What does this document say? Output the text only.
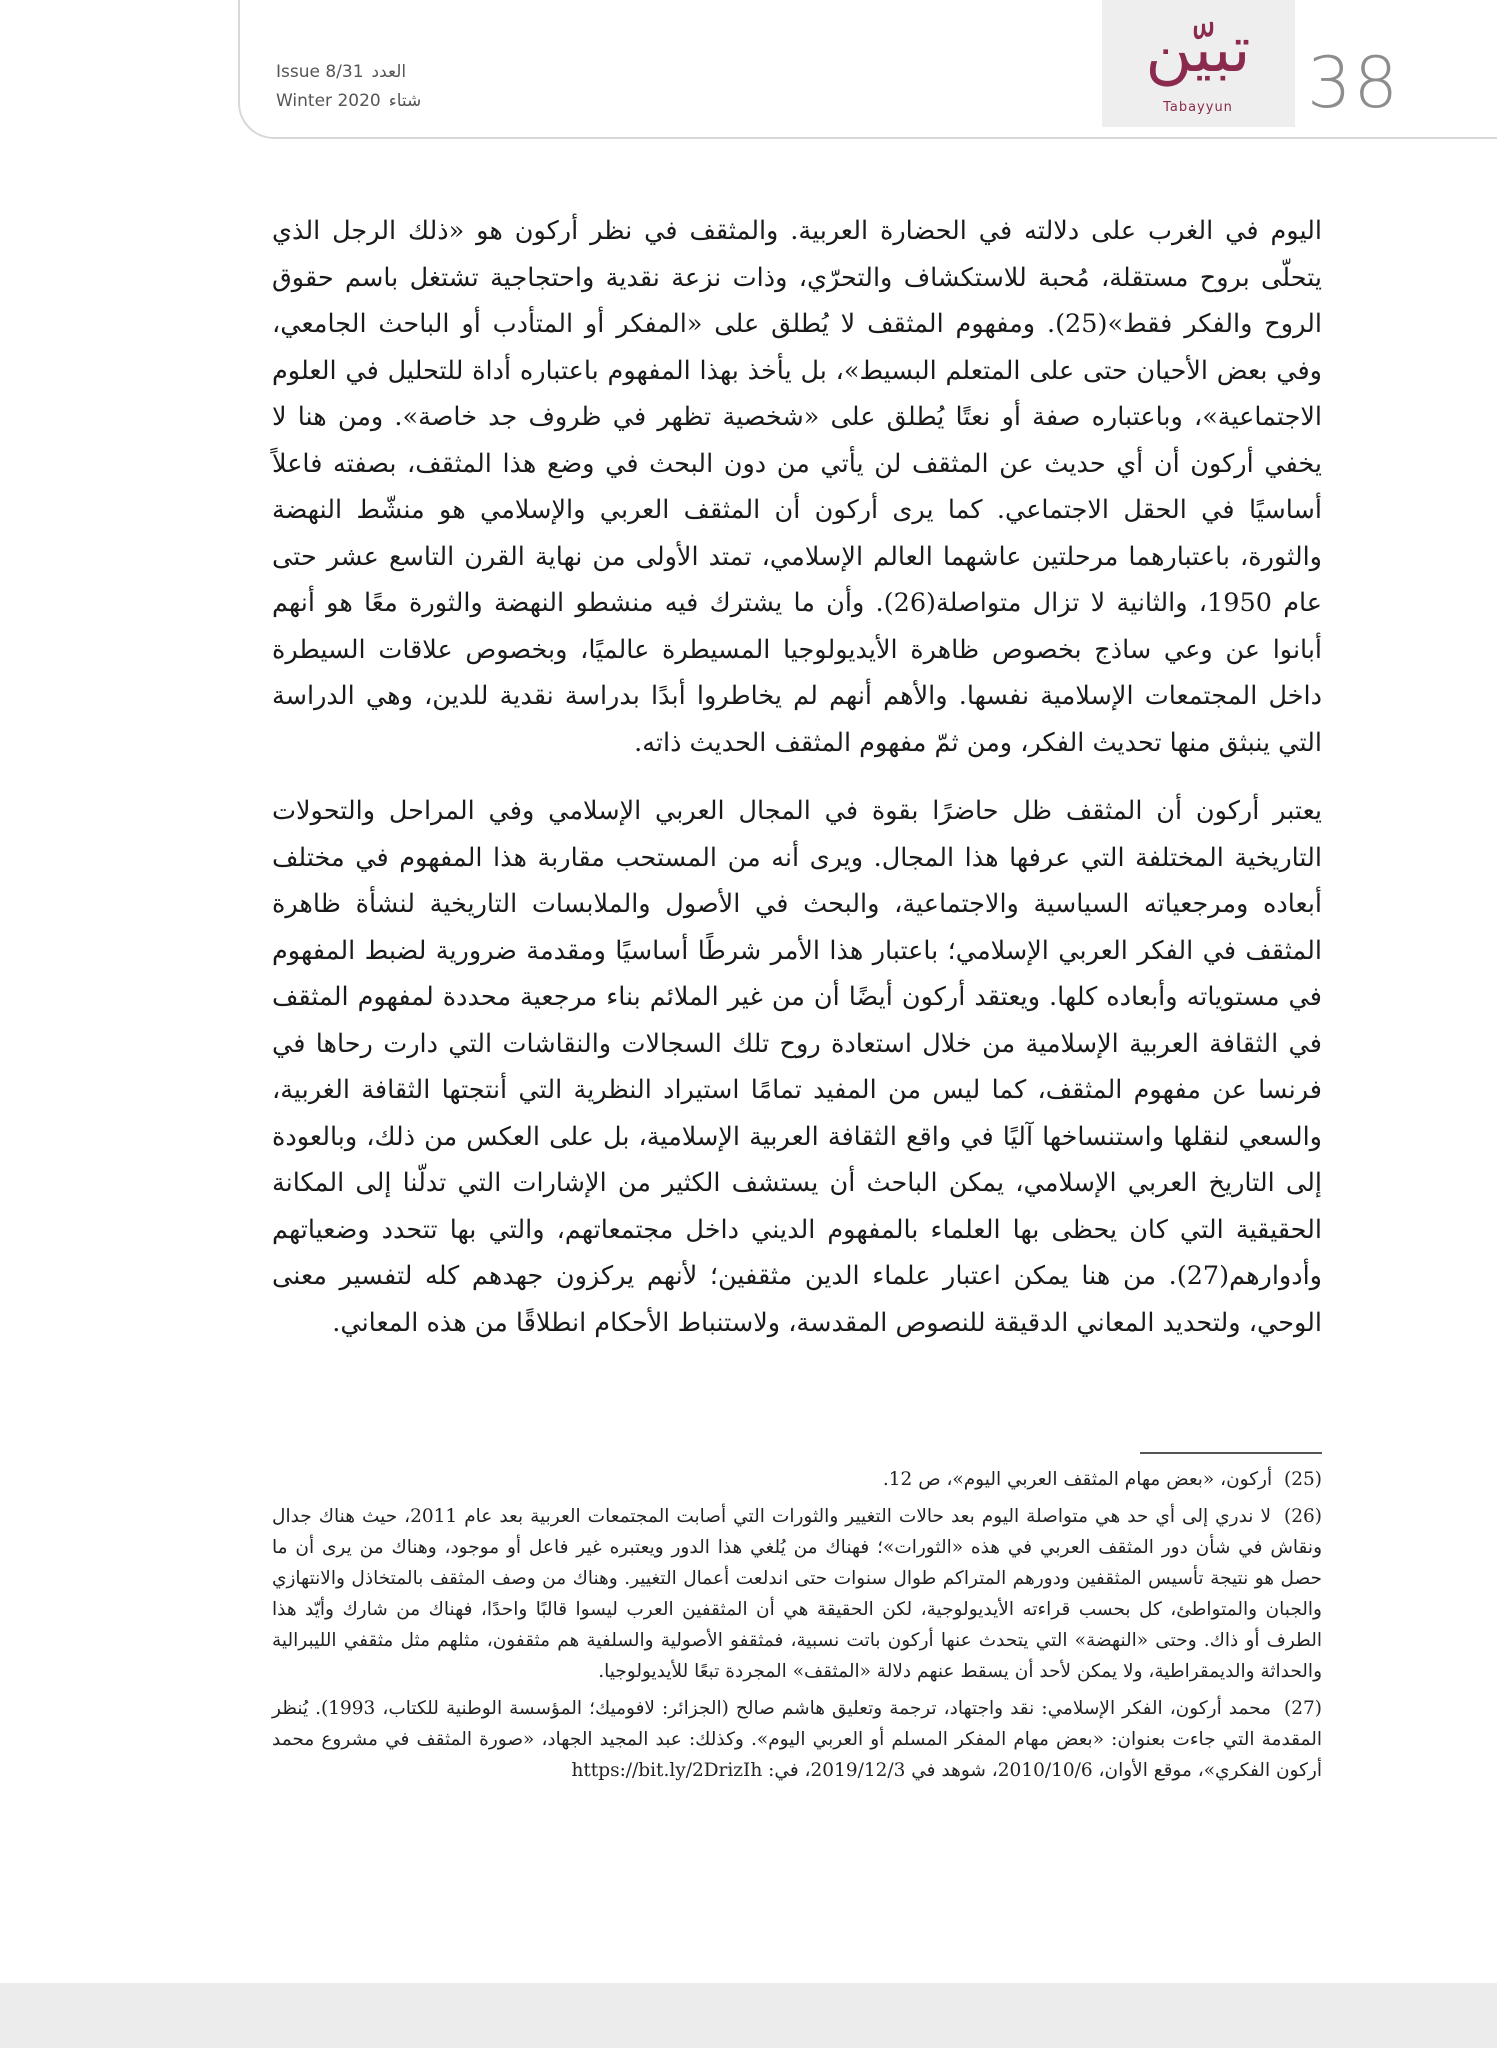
تبيّن
Tabayyun	38
Issue 8/31 العدد
Winter 2020 شتاء

اليوم في الغرب على دلالته في الحضارة العربية. والمثقف في نظر أركون هو «ذلك الرجل الذي يتحلّى بروح مستقلة، مُحبة للاستكشاف والتحرّي، وذات نزعة نقدية واحتجاجية تشتغل باسم حقوق الروح والفكر فقط»(25). ومفهوم المثقف لا يُطلق على «المفكر أو المتأدب أو الباحث الجامعي، وفي بعض الأحيان حتى على المتعلم البسيط»، بل يأخذ بهذا المفهوم باعتباره أداة للتحليل في العلوم الاجتماعية»، وباعتباره صفة أو نعتًا يُطلق على «شخصية تظهر في ظروف جد خاصة». ومن هنا لا يخفي أركون أن أي حديث عن المثقف لن يأتي من دون البحث في وضع هذا المثقف، بصفته فاعلاً أساسيًا في الحقل الاجتماعي. كما يرى أركون أن المثقف العربي والإسلامي هو منشّط النهضة والثورة، باعتبارهما مرحلتين عاشهما العالم الإسلامي، تمتد الأولى من نهاية القرن التاسع عشر حتى عام 1950، والثانية لا تزال متواصلة(26). وأن ما يشترك فيه منشطو النهضة والثورة معًا هو أنهم أبانوا عن وعي ساذج بخصوص ظاهرة الأيديولوجيا المسيطرة عالميًا، وبخصوص علاقات السيطرة داخل المجتمعات الإسلامية نفسها. والأهم أنهم لم يخاطروا أبدًا بدراسة نقدية للدين، وهي الدراسة التي ينبثق منها تحديث الفكر، ومن ثمّ مفهوم المثقف الحديث ذاته.

يعتبر أركون أن المثقف ظل حاضرًا بقوة في المجال العربي الإسلامي وفي المراحل والتحولات التاريخية المختلفة التي عرفها هذا المجال. ويرى أنه من المستحب مقاربة هذا المفهوم في مختلف أبعاده ومرجعياته السياسية والاجتماعية، والبحث في الأصول والملابسات التاريخية لنشأة ظاهرة المثقف في الفكر العربي الإسلامي؛ باعتبار هذا الأمر شرطًا أساسيًا ومقدمة ضرورية لضبط المفهوم في مستوياته وأبعاده كلها. ويعتقد أركون أيضًا أن من غير الملائم بناء مرجعية محددة لمفهوم المثقف في الثقافة العربية الإسلامية من خلال استعادة روح تلك السجالات والنقاشات التي دارت رحاها في فرنسا عن مفهوم المثقف، كما ليس من المفيد تمامًا استيراد النظرية التي أنتجتها الثقافة الغربية، والسعي لنقلها واستنساخها آليًا في واقع الثقافة العربية الإسلامية، بل على العكس من ذلك، وبالعودة إلى التاريخ العربي الإسلامي، يمكن الباحث أن يستشف الكثير من الإشارات التي تدلّنا إلى المكانة الحقيقية التي كان يحظى بها العلماء بالمفهوم الديني داخل مجتمعاتهم، والتي بها تتحدد وضعياتهم وأدوارهم(27). من هنا يمكن اعتبار علماء الدين مثقفين؛ لأنهم يركزون جهدهم كله لتفسير معنى الوحي، ولتحديد المعاني الدقيقة للنصوص المقدسة، ولاستنباط الأحكام انطلاقًا من هذه المعاني.

(25) أركون، «بعض مهام المثقف العربي اليوم»، ص 12.

(26) لا ندري إلى أي حد هي متواصلة اليوم بعد حالات التغيير والثورات التي أصابت المجتمعات العربية بعد عام 2011، حيث هناك جدال ونقاش في شأن دور المثقف العربي في هذه «الثورات»؛ فهناك من يُلغي هذا الدور ويعتبره غير فاعل أو موجود، وهناك من يرى أن ما حصل هو نتيجة تأسيس المثقفين ودورهم المتراكم طوال سنوات حتى اندلعت أعمال التغيير. وهناك من وصف المثقف بالمتخاذل والانتهازي والجبان والمتواطئ، كل بحسب قراءته الأيديولوجية، لكن الحقيقة هي أن المثقفين العرب ليسوا قالبًا واحدًا، فهناك من شارك وأيّد هذا الطرف أو ذاك. وحتى «النهضة» التي يتحدث عنها أركون باتت نسبية، فمثقفو الأصولية والسلفية هم مثقفون، مثلهم مثل مثقفي الليبرالية والحداثة والديمقراطية، ولا يمكن لأحد أن يسقط عنهم دلالة «المثقف» المجردة تبعًا للأيديولوجيا.

(27) محمد أركون، الفكر الإسلامي: نقد واجتهاد، ترجمة وتعليق هاشم صالح (الجزائر: لافوميك؛ المؤسسة الوطنية للكتاب، 1993). يُنظر المقدمة التي جاءت بعنوان: «بعض مهام المفكر المسلم أو العربي اليوم». وكذلك: عبد المجيد الجهاد، «صورة المثقف في مشروع محمد أركون الفكري»، موقع الأوان، 2010/10/6، شوهد في 2019/12/3، في: https://bit.ly/2DrizIh
